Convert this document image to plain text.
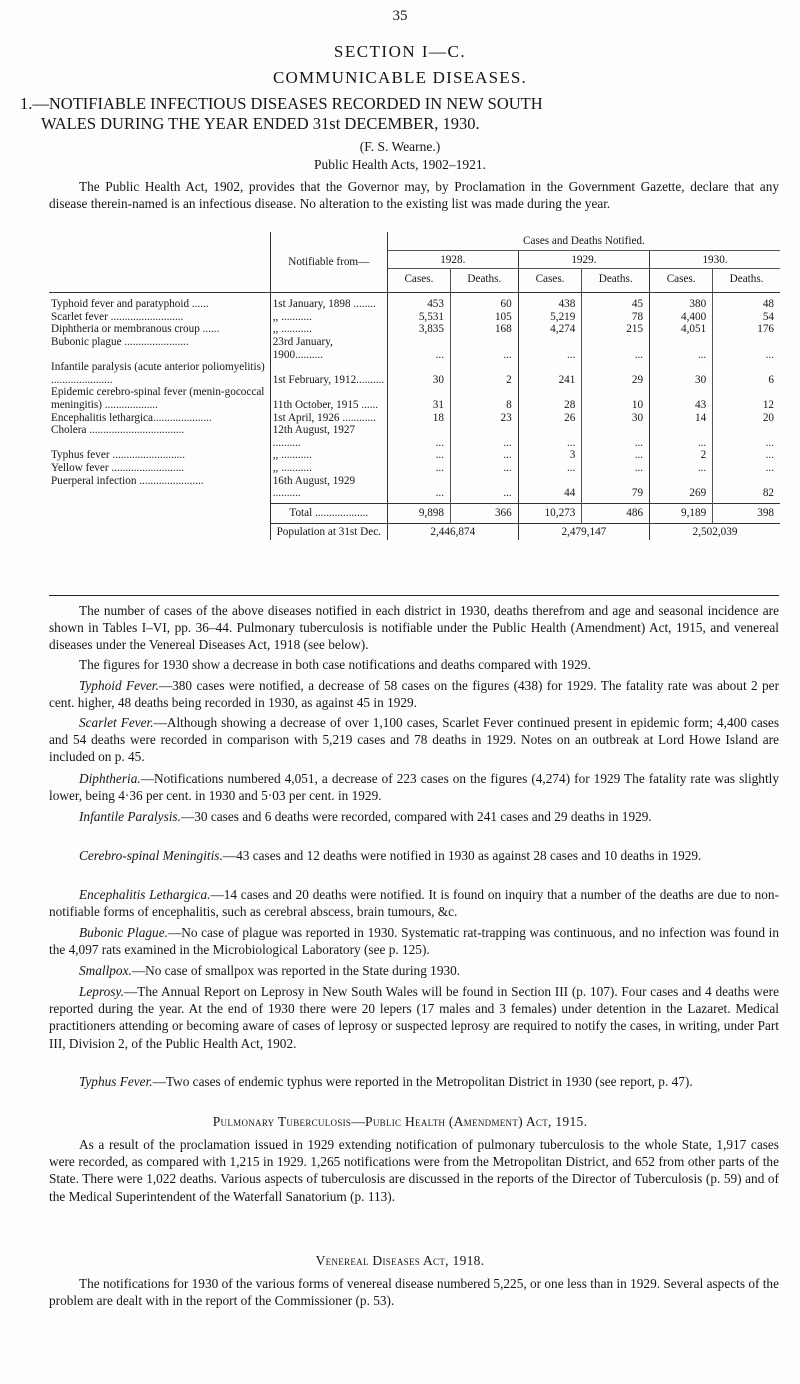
35
SECTION I—C.
COMMUNICABLE DISEASES.
1.—NOTIFIABLE INFECTIOUS DISEASES RECORDED IN NEW SOUTH
WALES DURING THE YEAR ENDED 31st DECEMBER, 1930.
(F. S. Wearne.)
Public Health Acts, 1902–1921.
The Public Health Act, 1902, provides that the Governor may, by Proclamation in the Government Gazette, declare that any disease therein-named is an infectious disease. No alteration to the existing list was made during the year.
	Notifiable from—	Cases and Deaths Notified.					
		1928.		1929.		1930.	
		Cases.	Deaths.	Cases.	Deaths.	Cases.	Deaths.

Typhoid fever and paratyphoid ......	1st January, 1898 ........	453	60	438	45	380	48
Scarlet fever ..........................	,, ...........	5,531	105	5,219	78	4,400	54
Diphtheria or membranous croup ......	,, ...........	3,835	168	4,274	215	4,051	176
Bubonic plague .......................	23rd January, 1900..........	...	...	...	...	...	...
Infantile paralysis (acute anterior poliomyelitis) ......................	1st February, 1912..........	30	2	241	29	30	6
Epidemic cerebro-spinal fever (menin-gococcal meningitis) ...................	11th October, 1915 ......	31	8	28	10	43	12
Encephalitis lethargica.....................	1st April, 1926 ............	18	23	26	30	14	20
Cholera ..................................	12th August, 1927 ..........	...	...	...	...	...	...
Typhus fever ..........................	,, ...........	...	...	3	...	2	...
Yellow fever ..........................	,, ...........	...	...	...	...	...	...
Puerperal infection .......................	16th August, 1929 ..........	...	...	44	79	269	82

	Total ...................	9,898	366	10,273	486	9,189	398
	Population at 31st Dec.	2,446,874		2,479,147		2,502,039	
The number of cases of the above diseases notified in each district in 1930, deaths therefrom and age and seasonal incidence are shown in Tables I–VI, pp. 36–44. Pulmonary tuberculosis is notifiable under the Public Health (Amendment) Act, 1915, and venereal diseases under the Venereal Diseases Act, 1918 (see below).
The figures for 1930 show a decrease in both case notifications and deaths compared with 1929.
Typhoid Fever.—380 cases were notified, a decrease of 58 cases on the figures (438) for 1929. The fatality rate was about 2 per cent. higher, 48 deaths being recorded in 1930, as against 45 in 1929.
Scarlet Fever.—Although showing a decrease of over 1,100 cases, Scarlet Fever continued present in epidemic form; 4,400 cases and 54 deaths were recorded in comparison with 5,219 cases and 78 deaths in 1929. Notes on an outbreak at Lord Howe Island are included on p. 45.
Diphtheria.—Notifications numbered 4,051, a decrease of 223 cases on the figures (4,274) for 1929 The fatality rate was slightly lower, being 4·36 per cent. in 1930 and 5·03 per cent. in 1929.
Infantile Paralysis.—30 cases and 6 deaths were recorded, compared with 241 cases and 29 deaths in 1929.
Cerebro-spinal Meningitis.—43 cases and 12 deaths were notified in 1930 as against 28 cases and 10 deaths in 1929.
Encephalitis Lethargica.—14 cases and 20 deaths were notified. It is found on inquiry that a number of the deaths are due to non-notifiable forms of encephalitis, such as cerebral abscess, brain tumours, &c.
Bubonic Plague.—No case of plague was reported in 1930. Systematic rat-trapping was continuous, and no infection was found in the 4,097 rats examined in the Microbiological Laboratory (see p. 125).
Smallpox.—No case of smallpox was reported in the State during 1930.
Leprosy.—The Annual Report on Leprosy in New South Wales will be found in Section III (p. 107). Four cases and 4 deaths were reported during the year. At the end of 1930 there were 20 lepers (17 males and 3 females) under detention in the Lazaret. Medical practitioners attending or becoming aware of cases of leprosy or suspected leprosy are required to notify the cases, in writing, under Part III, Division 2, of the Public Health Act, 1902.
Typhus Fever.—Two cases of endemic typhus were reported in the Metropolitan District in 1930 (see report, p. 47).
Pulmonary Tuberculosis—Public Health (Amendment) Act, 1915.
As a result of the proclamation issued in 1929 extending notification of pulmonary tuberculosis to the whole State, 1,917 cases were recorded, as compared with 1,215 in 1929. 1,265 notifications were from the Metropolitan District, and 652 from other parts of the State. There were 1,022 deaths. Various aspects of tuberculosis are discussed in the reports of the Director of Tuberculosis (p. 59) and of the Medical Superintendent of the Waterfall Sanatorium (p. 113).
Venereal Diseases Act, 1918.
The notifications for 1930 of the various forms of venereal disease numbered 5,225, or one less than in 1929. Several aspects of the problem are dealt with in the report of the Commissioner (p. 53).
